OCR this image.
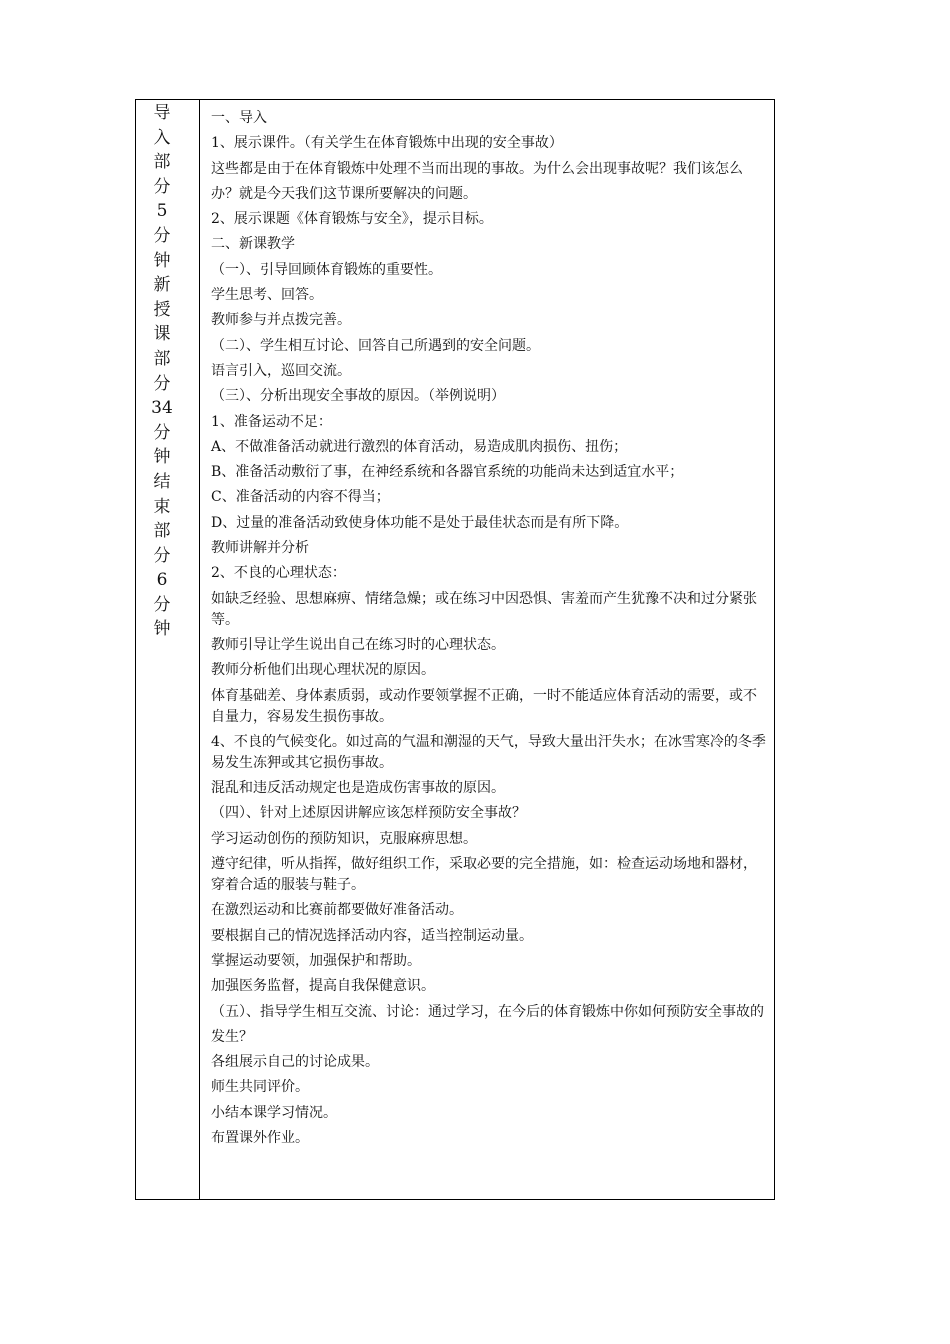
导
入
部
分
5
分
钟
新
授
课
部
分
34
分
钟
结
束
部
分
6
分
钟
一、导入
1、展示课件。（有关学生在体育锻炼中出现的安全事故）
这些都是由于在体育锻炼中处理不当而出现的事故。为什么会出现事故呢？我们该怎么
办？就是今天我们这节课所要解决的问题。
2、展示课题《体育锻炼与安全》，提示目标。
二、新课教学
（一）、引导回顾体育锻炼的重要性。
学生思考、回答。
教师参与并点拨完善。
（二）、学生相互讨论、回答自己所遇到的安全问题。
语言引入，巡回交流。
（三）、分析出现安全事故的原因。（举例说明）
1、准备运动不足：
A、不做准备活动就进行激烈的体育活动，易造成肌肉损伤、扭伤；
B、准备活动敷衍了事，在神经系统和各器官系统的功能尚未达到适宜水平；
C、准备活动的内容不得当；
D、过量的准备活动致使身体功能不是处于最佳状态而是有所下降。
教师讲解并分析
2、不良的心理状态：
如缺乏经验、思想麻痹、情绪急燥；或在练习中因恐惧、害羞而产生犹豫不决和过分紧张等。
教师引导让学生说出自己在练习时的心理状态。
教师分析他们出现心理状况的原因。
体育基础差、身体素质弱，或动作要领掌握不正确，一时不能适应体育活动的需要，或不自量力，容易发生损伤事故。
4、不良的气候变化。如过高的气温和潮湿的天气，导致大量出汗失水；在冰雪寒冷的冬季易发生冻狎或其它损伤事故。
混乱和违反活动规定也是造成伤害事故的原因。
（四）、针对上述原因讲解应该怎样预防安全事故？
学习运动创伤的预防知识，克服麻痹思想。
遵守纪律，听从指挥，做好组织工作，采取必要的完全措施，如：检查运动场地和器材，穿着合适的服装与鞋子。
在激烈运动和比赛前都要做好准备活动。
要根据自己的情况选择活动内容，适当控制运动量。
掌握运动要领，加强保护和帮助。
加强医务监督，提高自我保健意识。
（五）、指导学生相互交流、讨论：通过学习，在今后的体育锻炼中你如何预防安全事故的
发生？
各组展示自己的讨论成果。
师生共同评价。
小结本课学习情况。
布置课外作业。
